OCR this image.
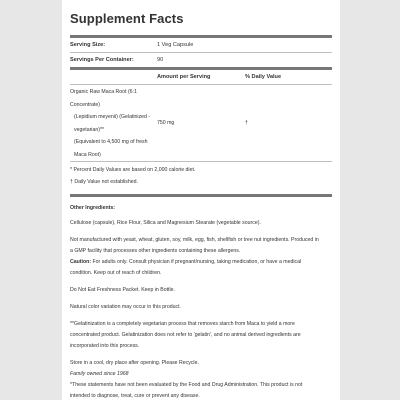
Supplement Facts
Serving Size:	1 Veg Capsule
Servings Per Container:	90
Amount per Serving	% Daily Value
Organic Raw Maca Root (6:1
Concentrate)
(Lepidium meyenii) (Gelatinized -
vegetarian)**
(Equivalent to 4,500 mg of fresh
Maca Root)
750 mg	†
* Percent Daily Values are based on 2,000 calorie diet.
† Daily Value not established.

Other Ingredients:

Cellulose (capsule), Rice Flour, Silica and Magnesium Stearate (vegetable source).

Not manufactured with yeast, wheat, gluten, soy, milk, egg, fish, shellfish or tree nut ingredients. Produced in

a GMP facility that processes other ingredients containing these allergens.

Caution: For adults only. Consult physician if pregnant/nursing, taking medication, or have a medical

condition. Keep out of reach of children.

Do Not Eat Freshness Packet. Keep in Bottle.

Natural color variation may occur in this product.

**Gelatinization is a completely vegetarian process that removes starch from Maca to yield a more

concentrated product. Gelatinization does not refer to 'gelatin', and no animal derived ingredients are

incorporated into this process.

Store in a cool, dry place after opening. Please Recycle.

Family owned since 1968

*These statements have not been evaluated by the Food and Drug Administration. This product is not

intended to diagnose, treat, cure or prevent any disease.
